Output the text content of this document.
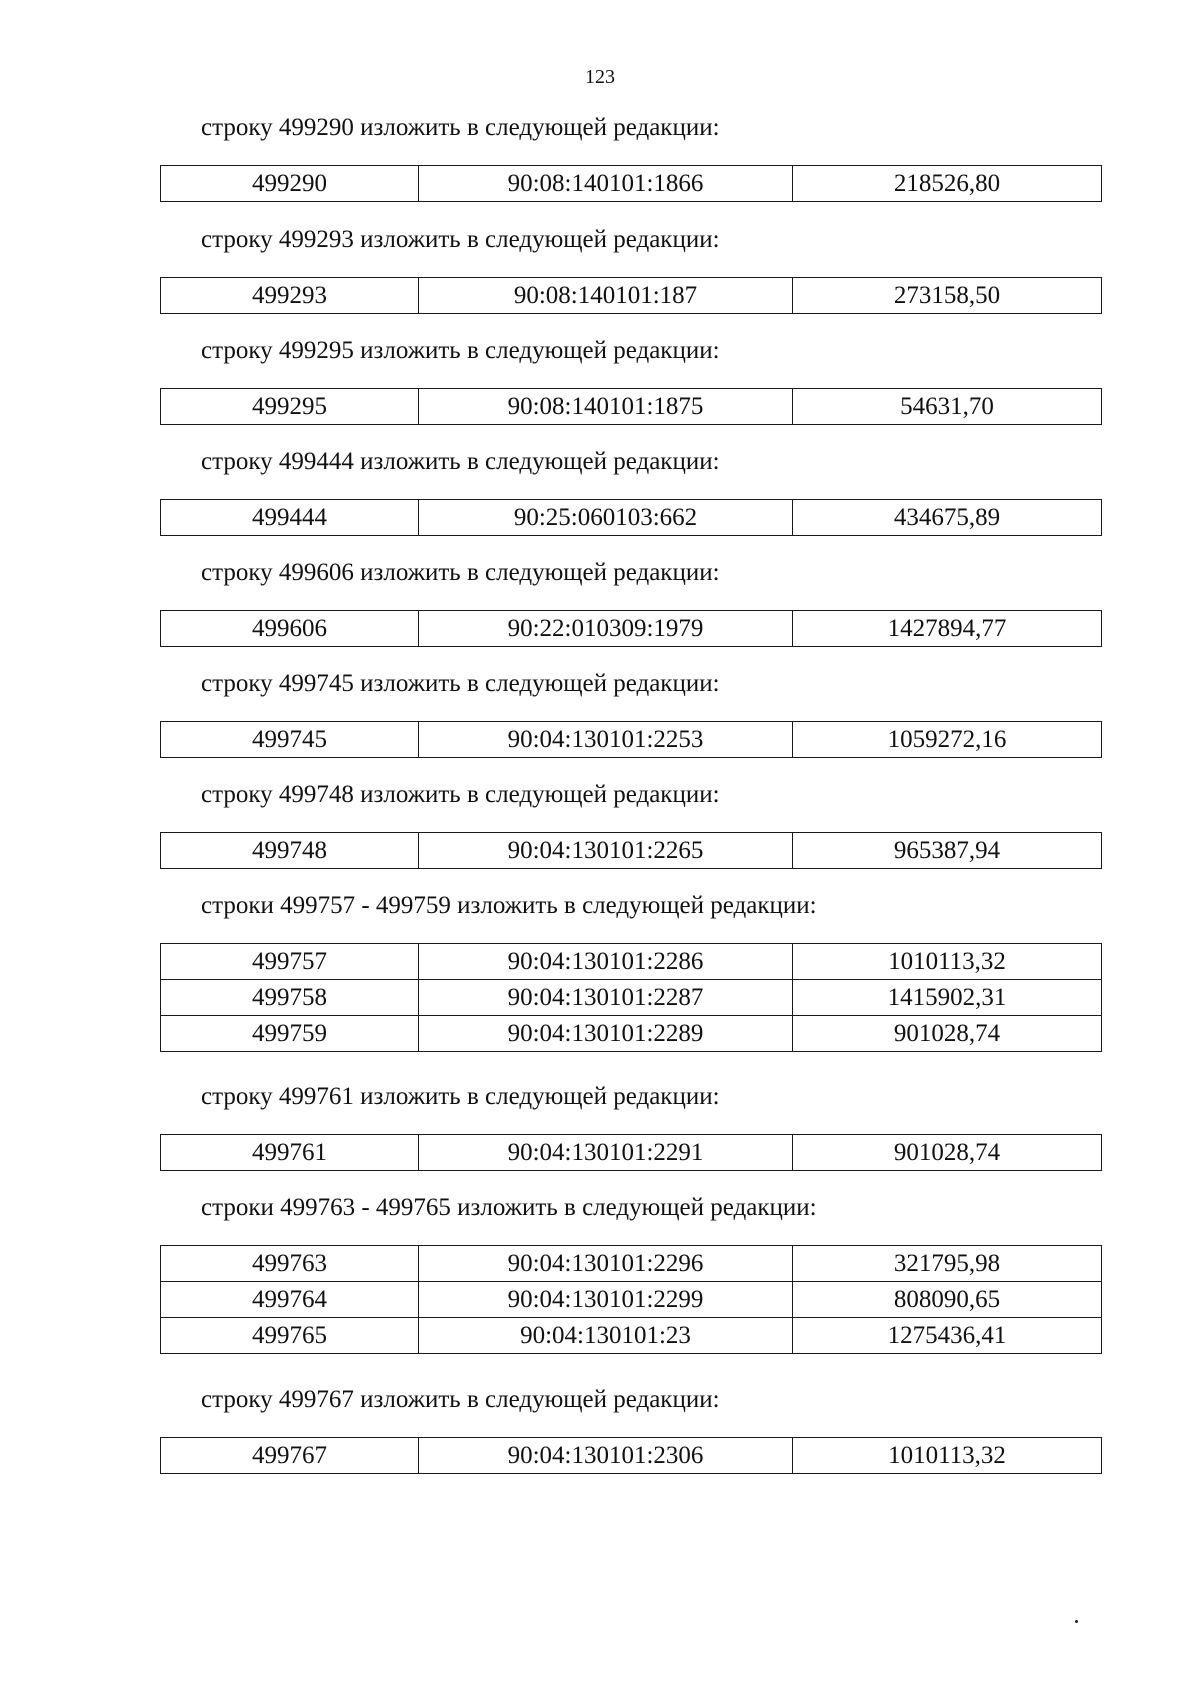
123

строку 499290 изложить в следующей редакции:

499290	90:08:140101:1866	218526,80

строку 499293 изложить в следующей редакции:

499293	90:08:140101:187	273158,50

строку 499295 изложить в следующей редакции:

499295	90:08:140101:1875	54631,70

строку 499444 изложить в следующей редакции:

499444	90:25:060103:662	434675,89

строку 499606 изложить в следующей редакции:

499606	90:22:010309:1979	1427894,77

строку 499745 изложить в следующей редакции:

499745	90:04:130101:2253	1059272,16

строку 499748 изложить в следующей редакции:

499748	90:04:130101:2265	965387,94

строки 499757 - 499759 изложить в следующей редакции:

499757	90:04:130101:2286	1010113,32
499758	90:04:130101:2287	1415902,31
499759	90:04:130101:2289	901028,74

строку 499761 изложить в следующей редакции:

499761	90:04:130101:2291	901028,74

строки 499763 - 499765 изложить в следующей редакции:

499763	90:04:130101:2296	321795,98
499764	90:04:130101:2299	808090,65
499765	90:04:130101:23	1275436,41

строку 499767 изложить в следующей редакции:

499767	90:04:130101:2306	1010113,32
